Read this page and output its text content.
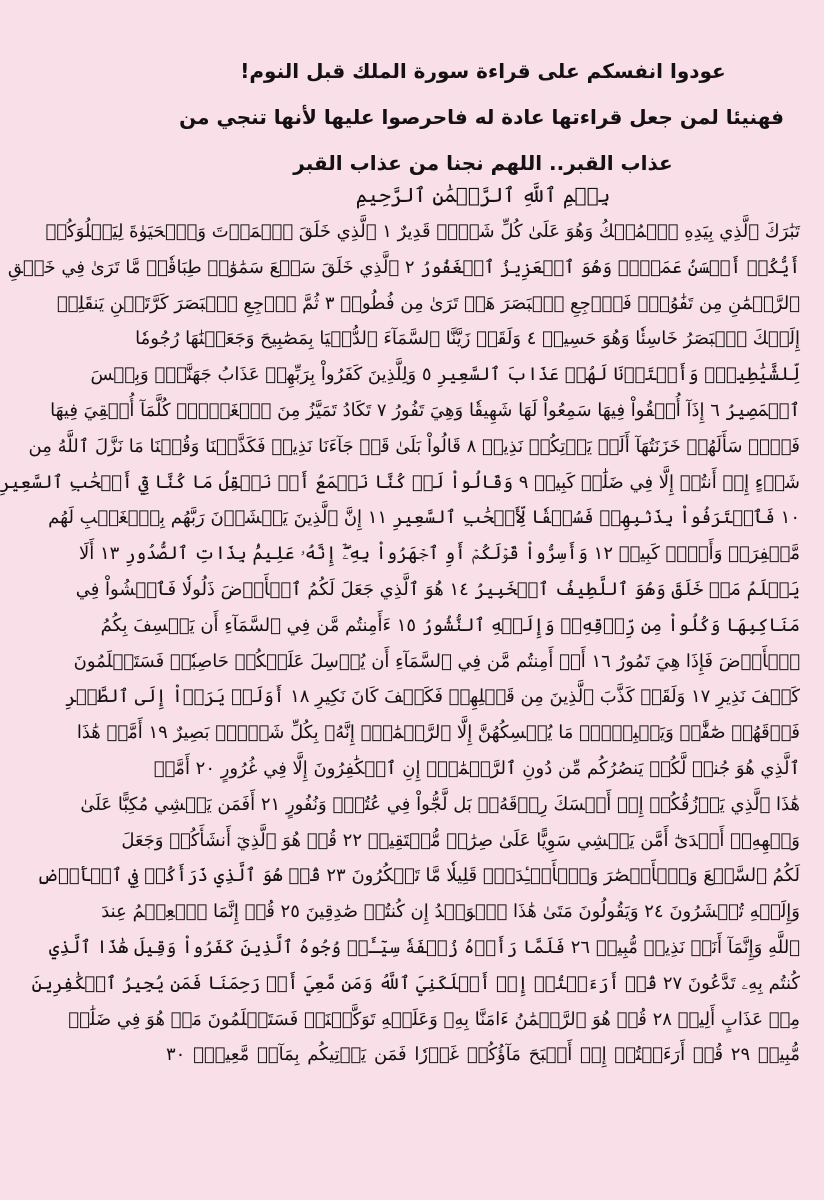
عودوا انفسكم على قراءة سورة الملك قبل النوم!
فهنيئا لمن جعل قراءتها عادة له فاحرصوا عليها لأنها تنجي من
عذاب القبر.. اللهم نجنا من عذاب القبر
بِسۡمِ ٱللَّهِ ٱلرَّحۡمَٰنِ ٱلرَّحِيمِ
تَبَٰرَكَ ٱلَّذِي بِيَدِهِ ٱلۡمُلۡكُ وَهُوَ عَلَىٰ كُلِّ شَيۡءٖ قَدِيرٌ ١ ٱلَّذِي خَلَقَ ٱلۡمَوۡتَ وَٱلۡحَيَوٰةَ لِيَبۡلُوَكُمۡ
أَيُّكُمۡ أَحۡسَنُ عَمَلٗاۚ وَهُوَ ٱلۡعَزِيزُ ٱلۡغَفُورُ ٢ ٱلَّذِي خَلَقَ سَبۡعَ سَمَٰوَٰتٖ طِبَاقٗاۖ مَّا تَرَىٰ فِي خَلۡقِ
ٱلرَّحۡمَٰنِ مِن تَفَٰوُتٖۖ فَٱرۡجِعِ ٱلۡبَصَرَ هَلۡ تَرَىٰ مِن فُطُورٖ ٣ ثُمَّ ٱرۡجِعِ ٱلۡبَصَرَ كَرَّتَيۡنِ يَنقَلِبۡ
إِلَيۡكَ ٱلۡبَصَرُ خَاسِئٗا وَهُوَ حَسِيرٞ ٤ وَلَقَدۡ زَيَّنَّا ٱلسَّمَآءَ ٱلدُّنۡيَا بِمَصَٰبِيحَ وَجَعَلۡنَٰهَا رُجُومٗا
لِّلشَّيَٰطِينِۖ وَأَعۡتَدۡنَا لَهُمۡ عَذَابَ ٱلسَّعِيرِ ٥ وَلِلَّذِينَ كَفَرُواْ بِرَبِّهِمۡ عَذَابُ جَهَنَّمَۖ وَبِئۡسَ
ٱلۡمَصِيرُ ٦ إِذَآ أُلۡقُواْ فِيهَا سَمِعُواْ لَهَا شَهِيقٗا وَهِيَ تَفُورُ ٧ تَكَادُ تَمَيَّزُ مِنَ ٱلۡغَيۡظِۖ كُلَّمَآ أُلۡقِيَ فِيهَا
فَوۡجٞ سَأَلَهُمۡ خَزَنَتُهَآ أَلَمۡ يَأۡتِكُمۡ نَذِيرٞ ٨ قَالُواْ بَلَىٰ قَدۡ جَآءَنَا نَذِيرٞ فَكَذَّبۡنَا وَقُلۡنَا مَا نَزَّلَ ٱللَّهُ مِن
شَيۡءٍ إِنۡ أَنتُمۡ إِلَّا فِي ضَلَٰلٖ كَبِيرٖ ٩ وَقَالُواْ لَوۡ كُنَّا نَسۡمَعُ أَوۡ نَعۡقِلُ مَا كُنَّا فِيٓ أَصۡحَٰبِ ٱلسَّعِيرِ
١٠ فَٱعۡتَرَفُواْ بِذَنۢبِهِمۡ فَسُحۡقٗا لِّأَصۡحَٰبِ ٱلسَّعِيرِ ١١ إِنَّ ٱلَّذِينَ يَخۡشَوۡنَ رَبَّهُم بِٱلۡغَيۡبِ لَهُم
مَّغۡفِرَةٞ وَأَجۡرٞ كَبِيرٞ ١٢ وَأَسِرُّواْ قَوۡلَكُمۡ أَوِ ٱجۡهَرُواْ بِهِۦٓۖ إِنَّهُۥ عَلِيمُۢ بِذَاتِ ٱلصُّدُورِ ١٣ أَلَا
يَعۡلَمُ مَنۡ خَلَقَ وَهُوَ ٱللَّطِيفُ ٱلۡخَبِيرُ ١٤ هُوَ ٱلَّذِي جَعَلَ لَكُمُ ٱلۡأَرۡضَ ذَلُولٗا فَٱمۡشُواْ فِي
مَنَاكِبِهَا وَكُلُواْ مِن رِّزۡقِهِۦۖ وَإِلَيۡهِ ٱلنُّشُورُ ١٥ ءَأَمِنتُم مَّن فِي ٱلسَّمَآءِ أَن يَخۡسِفَ بِكُمُ
ٱلۡأَرۡضَ فَإِذَا هِيَ تَمُورُ ١٦ أَمۡ أَمِنتُم مَّن فِي ٱلسَّمَآءِ أَن يُرۡسِلَ عَلَيۡكُمۡ حَاصِبٗاۖ فَسَتَعۡلَمُونَ
كَيۡفَ نَذِيرِ ١٧ وَلَقَدۡ كَذَّبَ ٱلَّذِينَ مِن قَبۡلِهِمۡ فَكَيۡفَ كَانَ نَكِيرِ ١٨ أَوَلَمۡ يَرَوۡاْ إِلَى ٱلطَّيۡرِ
فَوۡقَهُمۡ صَٰٓفَّٰتٖ وَيَقۡبِضۡنَۚ مَا يُمۡسِكُهُنَّ إِلَّا ٱلرَّحۡمَٰنُۚ إِنَّهُۥ بِكُلِّ شَيۡءِۭ بَصِيرٌ ١٩ أَمَّنۡ هَٰذَا
ٱلَّذِي هُوَ جُندٞ لَّكُمۡ يَنصُرُكُم مِّن دُونِ ٱلرَّحۡمَٰنِۚ إِنِ ٱلۡكَٰفِرُونَ إِلَّا فِي غُرُورٍ ٢٠ أَمَّنۡ
هَٰذَا ٱلَّذِي يَرۡزُقُكُمۡ إِنۡ أَمۡسَكَ رِزۡقَهُۥۚ بَل لَّجُّواْ فِي عُتُوّٖ وَنُفُورٍ ٢١ أَفَمَن يَمۡشِي مُكِبًّا عَلَىٰ
وَجۡهِهِۦٓ أَهۡدَىٰٓ أَمَّن يَمۡشِي سَوِيًّا عَلَىٰ صِرَٰطٖ مُّسۡتَقِيمٖ ٢٢ قُلۡ هُوَ ٱلَّذِيٓ أَنشَأَكُمۡ وَجَعَلَ
لَكُمُ ٱلسَّمۡعَ وَٱلۡأَبۡصَٰرَ وَٱلۡأَفۡـِٔدَةَۚ قَلِيلٗا مَّا تَشۡكُرُونَ ٢٣ قُلۡ هُوَ ٱلَّذِي ذَرَأَكُمۡ فِي ٱلۡأَرۡضِ
وَإِلَيۡهِ تُحۡشَرُونَ ٢٤ وَيَقُولُونَ مَتَىٰ هَٰذَا ٱلۡوَعۡدُ إِن كُنتُمۡ صَٰدِقِينَ ٢٥ قُلۡ إِنَّمَا ٱلۡعِلۡمُ عِندَ
ٱللَّهِ وَإِنَّمَآ أَنَا۠ نَذِيرٞ مُّبِينٞ ٢٦ فَلَمَّا رَأَوۡهُ زُلۡفَةٗ سِيٓـَٔتۡ وُجُوهُ ٱلَّذِينَ كَفَرُواْ وَقِيلَ هَٰذَا ٱلَّذِي
كُنتُم بِهِۦ تَدَّعُونَ ٢٧ قُلۡ أَرَءَيۡتُمۡ إِنۡ أَهۡلَكَنِيَ ٱللَّهُ وَمَن مَّعِيَ أَوۡ رَحِمَنَا فَمَن يُجِيرُ ٱلۡكَٰفِرِينَ
مِنۡ عَذَابٍ أَلِيمٖ ٢٨ قُلۡ هُوَ ٱلرَّحۡمَٰنُ ءَامَنَّا بِهِۦ وَعَلَيۡهِ تَوَكَّلۡنَاۖ فَسَتَعۡلَمُونَ مَنۡ هُوَ فِي ضَلَٰلٖ
مُّبِينٖ ٢٩ قُلۡ أَرَءَيۡتُمۡ إِنۡ أَصۡبَحَ مَآؤُكُمۡ غَوۡرٗا فَمَن يَأۡتِيكُم بِمَآءٖ مَّعِينِۭ ٣٠
